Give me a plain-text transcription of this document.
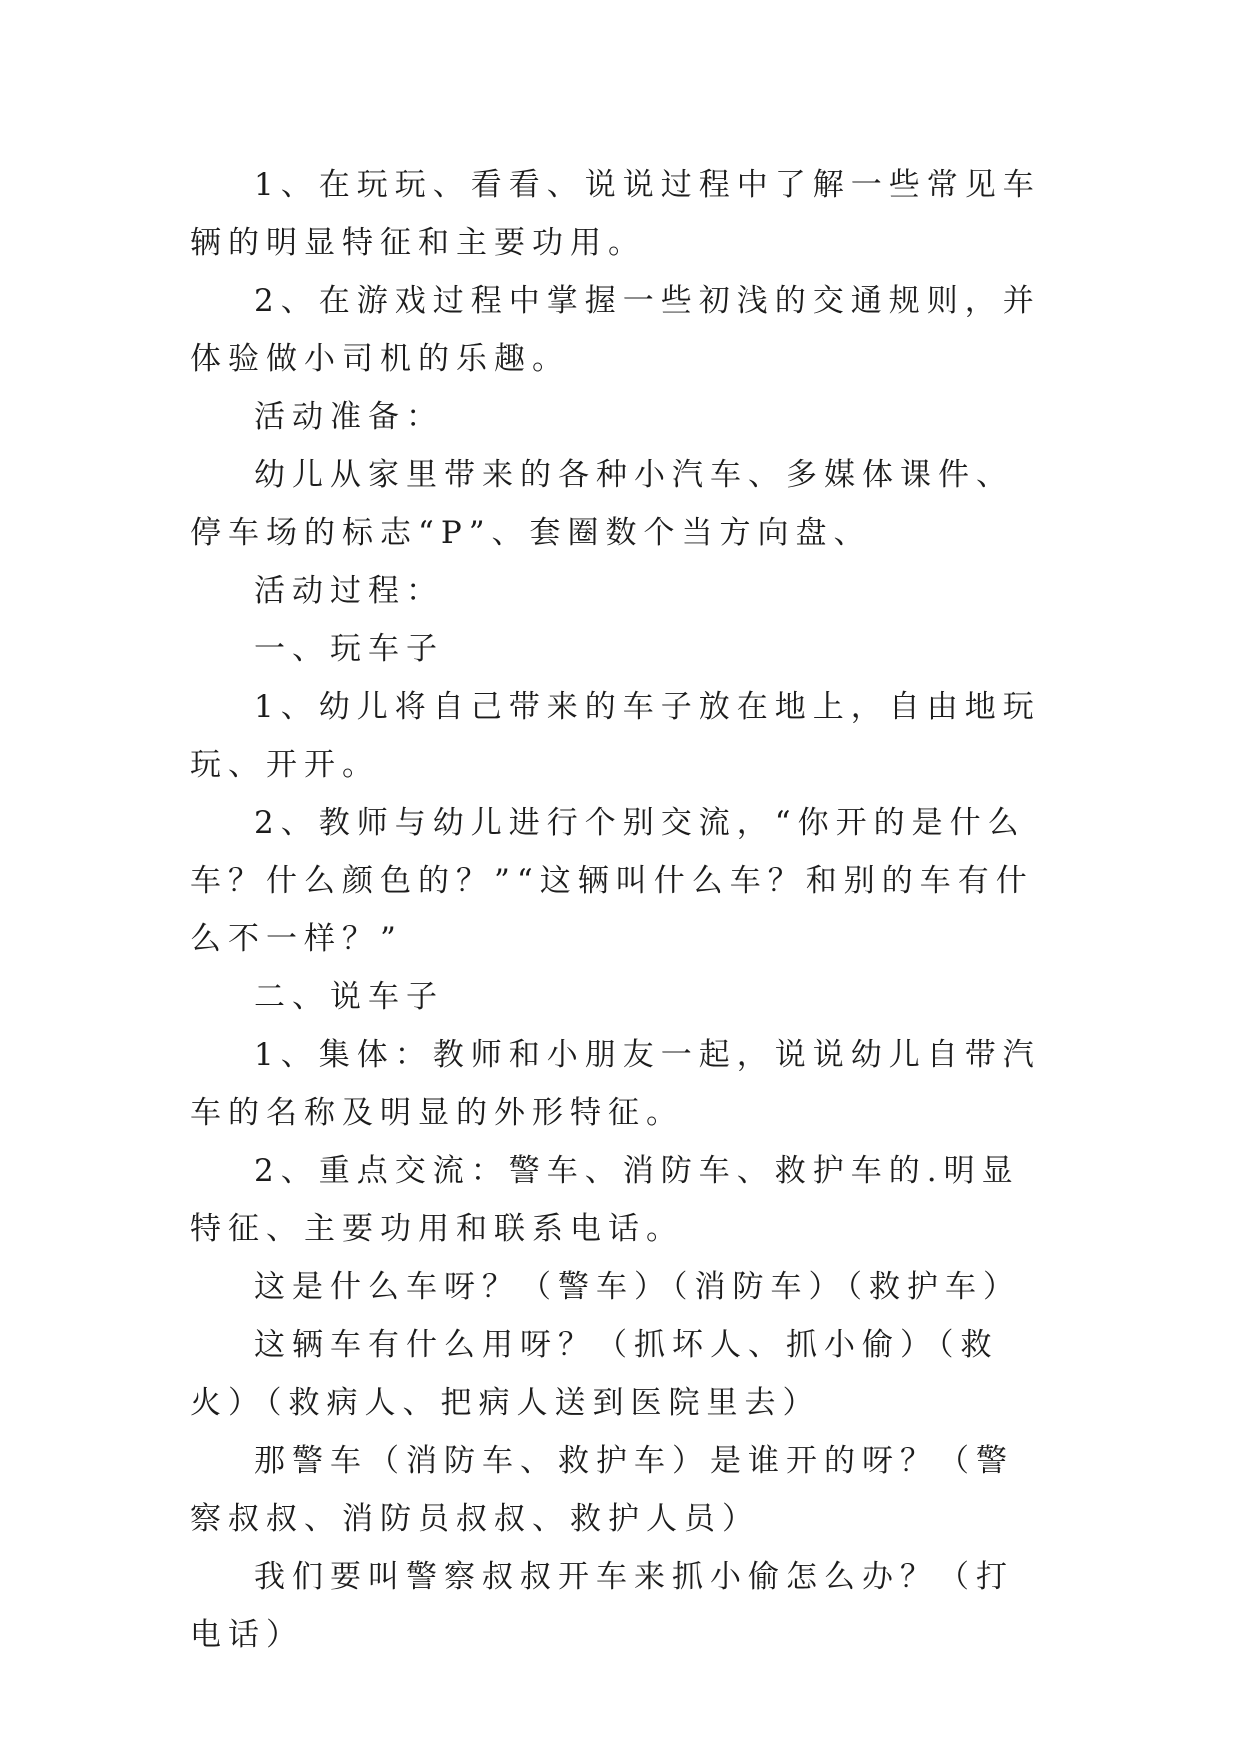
1、在玩玩、看看、说说过程中了解一些常见车辆的明显特征和主要功用。

2、在游戏过程中掌握一些初浅的交通规则，并体验做小司机的乐趣。

活动准备：

幼儿从家里带来的各种小汽车、多媒体课件、停车场的标志“P”、套圈数个当方向盘、

活动过程：

一、玩车子

1、幼儿将自己带来的车子放在地上，自由地玩玩、开开。

2、教师与幼儿进行个别交流，“你开的是什么车？什么颜色的？”“这辆叫什么车？和别的车有什么不一样？”

二、说车子

1、集体：教师和小朋友一起，说说幼儿自带汽车的名称及明显的外形特征。

2、重点交流：警车、消防车、救护车的.明显特征、主要功用和联系电话。

这是什么车呀？（警车）（消防车）（救护车）

这辆车有什么用呀？（抓坏人、抓小偷）（救火）（救病人、把病人送到医院里去）

那警车（消防车、救护车）是谁开的呀？（警察叔叔、消防员叔叔、救护人员）

我们要叫警察叔叔开车来抓小偷怎么办？（打电话）
